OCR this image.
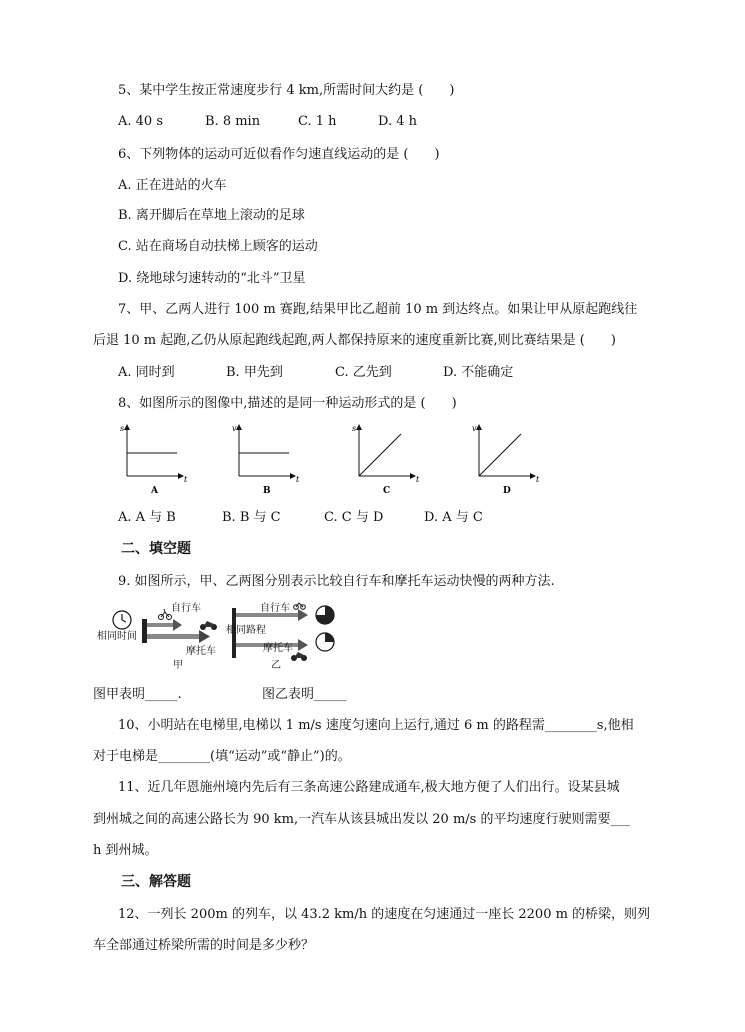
5、某中学生按正常速度步行 4 km,所需时间大约是 (　　)
A. 40 s	B. 8 min	C. 1 h	D. 4 h
6、下列物体的运动可近似看作匀速直线运动的是 (　　)
A. 正在进站的火车
B. 离开脚后在草地上滚动的足球
C. 站在商场自动扶梯上顾客的运动
D. 绕地球匀速转动的“北斗”卫星
7、甲、乙两人进行 100 m 赛跑,结果甲比乙超前 10 m 到达终点。如果让甲从原起跑线往
后退 10 m 起跑,乙仍从原起跑线起跑,两人都保持原来的速度重新比赛,则比赛结果是 (　　)
A. 同时到	B. 甲先到	C. 乙先到	D. 不能确定
8、如图所示的图像中,描述的是同一种运动形式的是 (　　)
s
t
A
v
t
B
s
t
C
v
t
D
A. A 与 B	B. B 与 C	C. C 与 D	D. A 与 C
二、填空题
9. 如图所示，甲、乙两图分别表示比较自行车和摩托车运动快慢的两种方法.
相同时间
自行车
摩托车
甲
相同路程
自行车
摩托车
乙
图甲表明_____.	图乙表明_____
10、小明站在电梯里,电梯以 1 m/s 速度匀速向上运行,通过 6 m 的路程需________s,他相
对于电梯是________(填“运动”或“静止”)的。
11、近几年恩施州境内先后有三条高速公路建成通车,极大地方便了人们出行。设某县城
到州城之间的高速公路长为 90 km,一汽车从该县城出发以 20 m/s 的平均速度行驶则需要___
h 到州城。
三、解答题
12、一列长 200m 的列车，以 43.2 km/h 的速度在匀速通过一座长 2200 m 的桥梁，则列
车全部通过桥梁所需的时间是多少秒？
